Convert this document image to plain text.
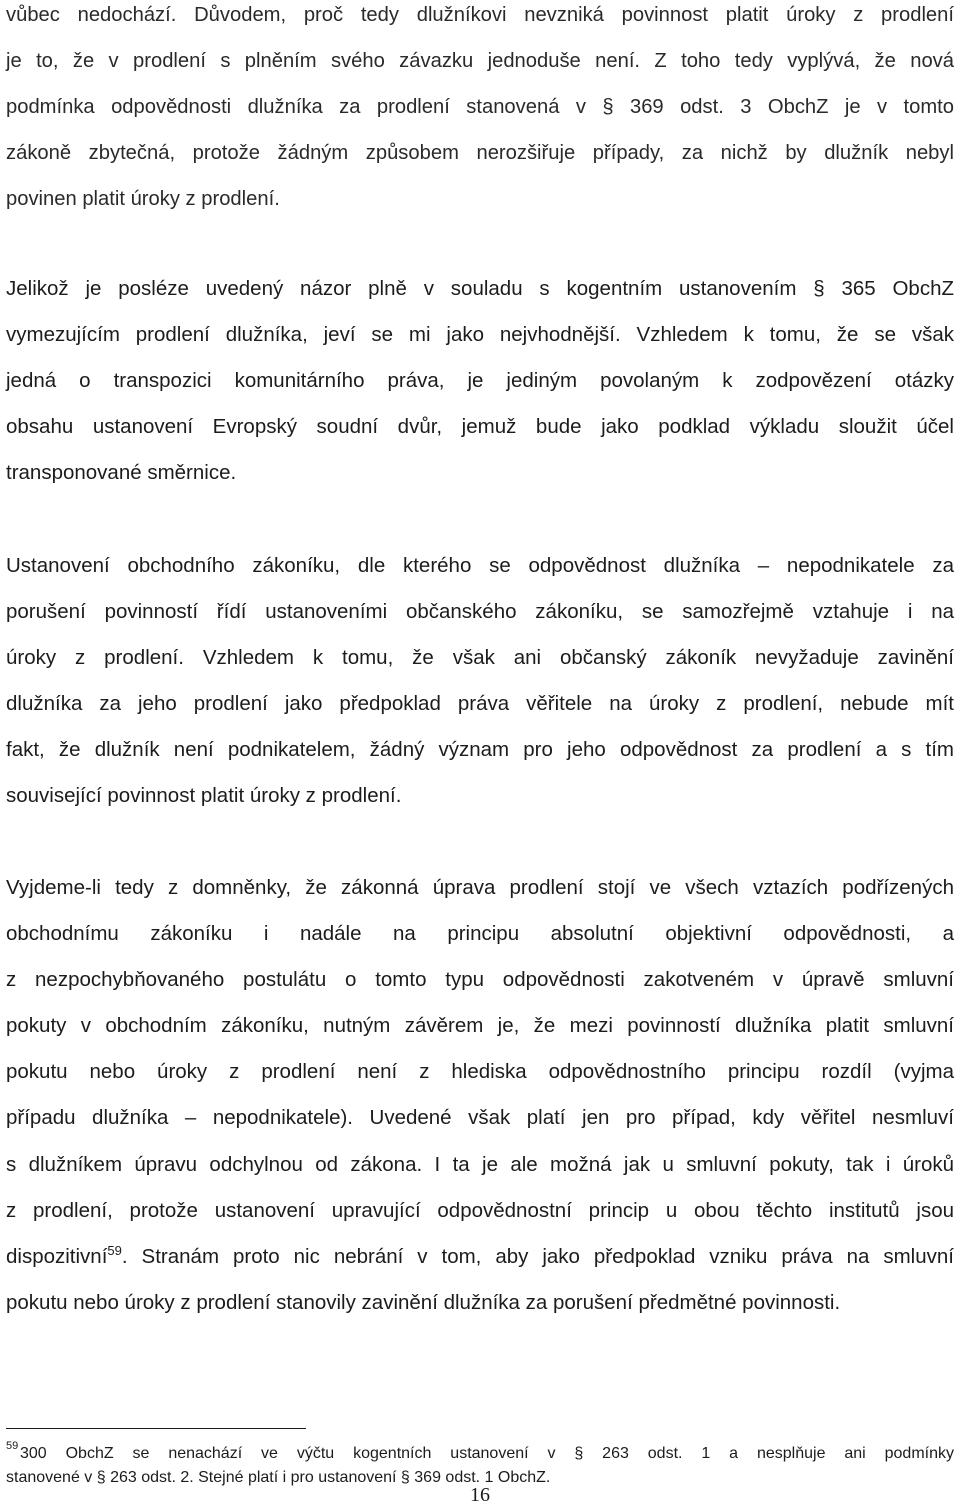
vůbec nedochází. Důvodem, proč tedy dlužníkovi nevzniká povinnost platit úroky z prodlení
je to, že v prodlení s plněním svého závazku jednoduše není. Z toho tedy vyplývá, že nová
podmínka odpovědnosti dlužníka za prodlení stanovená v § 369 odst. 3 ObchZ je v tomto
zákoně zbytečná, protože žádným způsobem nerozšiřuje případy, za nichž by dlužník nebyl
povinen platit úroky z prodlení.

Jelikož je posléze uvedený názor plně v souladu s kogentním ustanovením § 365 ObchZ
vymezujícím prodlení dlužníka, jeví se mi jako nejvhodnější. Vzhledem k tomu, že se však
jedná o transpozici komunitárního práva, je jediným povolaným k zodpovězení otázky
obsahu ustanovení Evropský soudní dvůr, jemuž bude jako podklad výkladu sloužit účel
transponované směrnice.

Ustanovení obchodního zákoníku, dle kterého se odpovědnost dlužníka – nepodnikatele za
porušení povinností řídí ustanoveními občanského zákoníku, se samozřejmě vztahuje i na
úroky z prodlení. Vzhledem k tomu, že však ani občanský zákoník nevyžaduje zavinění
dlužníka za jeho prodlení jako předpoklad práva věřitele na úroky z prodlení, nebude mít
fakt, že dlužník není podnikatelem, žádný význam pro jeho odpovědnost za prodlení a s tím
související povinnost platit úroky z prodlení.

Vyjdeme-li tedy z domněnky, že zákonná úprava prodlení stojí ve všech vztazích podřízených
obchodnímu zákoníku i nadále na principu absolutní objektivní odpovědnosti, a
z nezpochybňovaného postulátu o tomto typu odpovědnosti zakotveném v úpravě smluvní
pokuty v obchodním zákoníku, nutným závěrem je, že mezi povinností dlužníka platit smluvní
pokutu nebo úroky z prodlení není z hlediska odpovědnostního principu rozdíl (vyjma
případu dlužníka – nepodnikatele). Uvedené však platí jen pro případ, kdy věřitel nesmluví
s dlužníkem úpravu odchylnou od zákona. I ta je ale možná jak u smluvní pokuty, tak i úroků
z prodlení, protože ustanovení upravující odpovědnostní princip u obou těchto institutů jsou
dispozitivní$^{59}$. Stranám proto nic nebrání v tom, aby jako předpoklad vzniku práva na smluvní
pokutu nebo úroky z prodlení stanovily zavinění dlužníka za porušení předmětné povinnosti.

59 300 ObchZ se nenachází ve výčtu kogentních ustanovení v § 263 odst. 1 a nesplňuje ani podmínky
stanovené v § 263 odst. 2. Stejné platí i pro ustanovení § 369 odst. 1 ObchZ.
16
